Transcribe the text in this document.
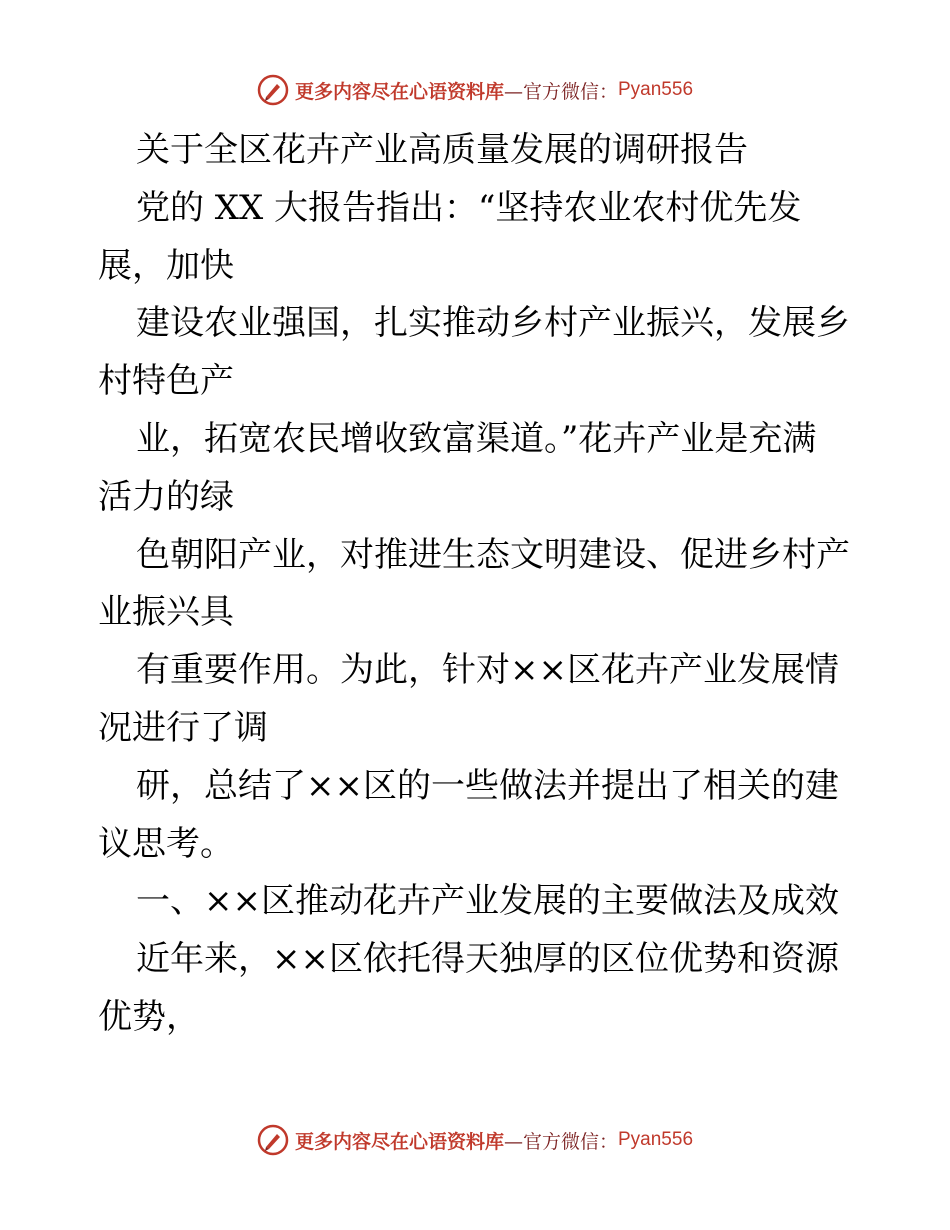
更多内容尽在心语资料库 —官方微信： Pyan556
关于全区花卉产业高质量发展的调研报告
党的 XX 大报告指出：“坚持农业农村优先发
展，加快
建设农业强国，扎实推动乡村产业振兴，发展乡
村特色产
业，拓宽农民增收致富渠道。”花卉产业是充满
活力的绿
色朝阳产业，对推进生态文明建设、促进乡村产
业振兴具
有重要作用。为此，针对××区花卉产业发展情
况进行了调
研，总结了××区的一些做法并提出了相关的建
议思考。
一、××区推动花卉产业发展的主要做法及成效
近年来，××区依托得天独厚的区位优势和资源
优势，
更多内容尽在心语资料库 —官方微信： Pyan556
